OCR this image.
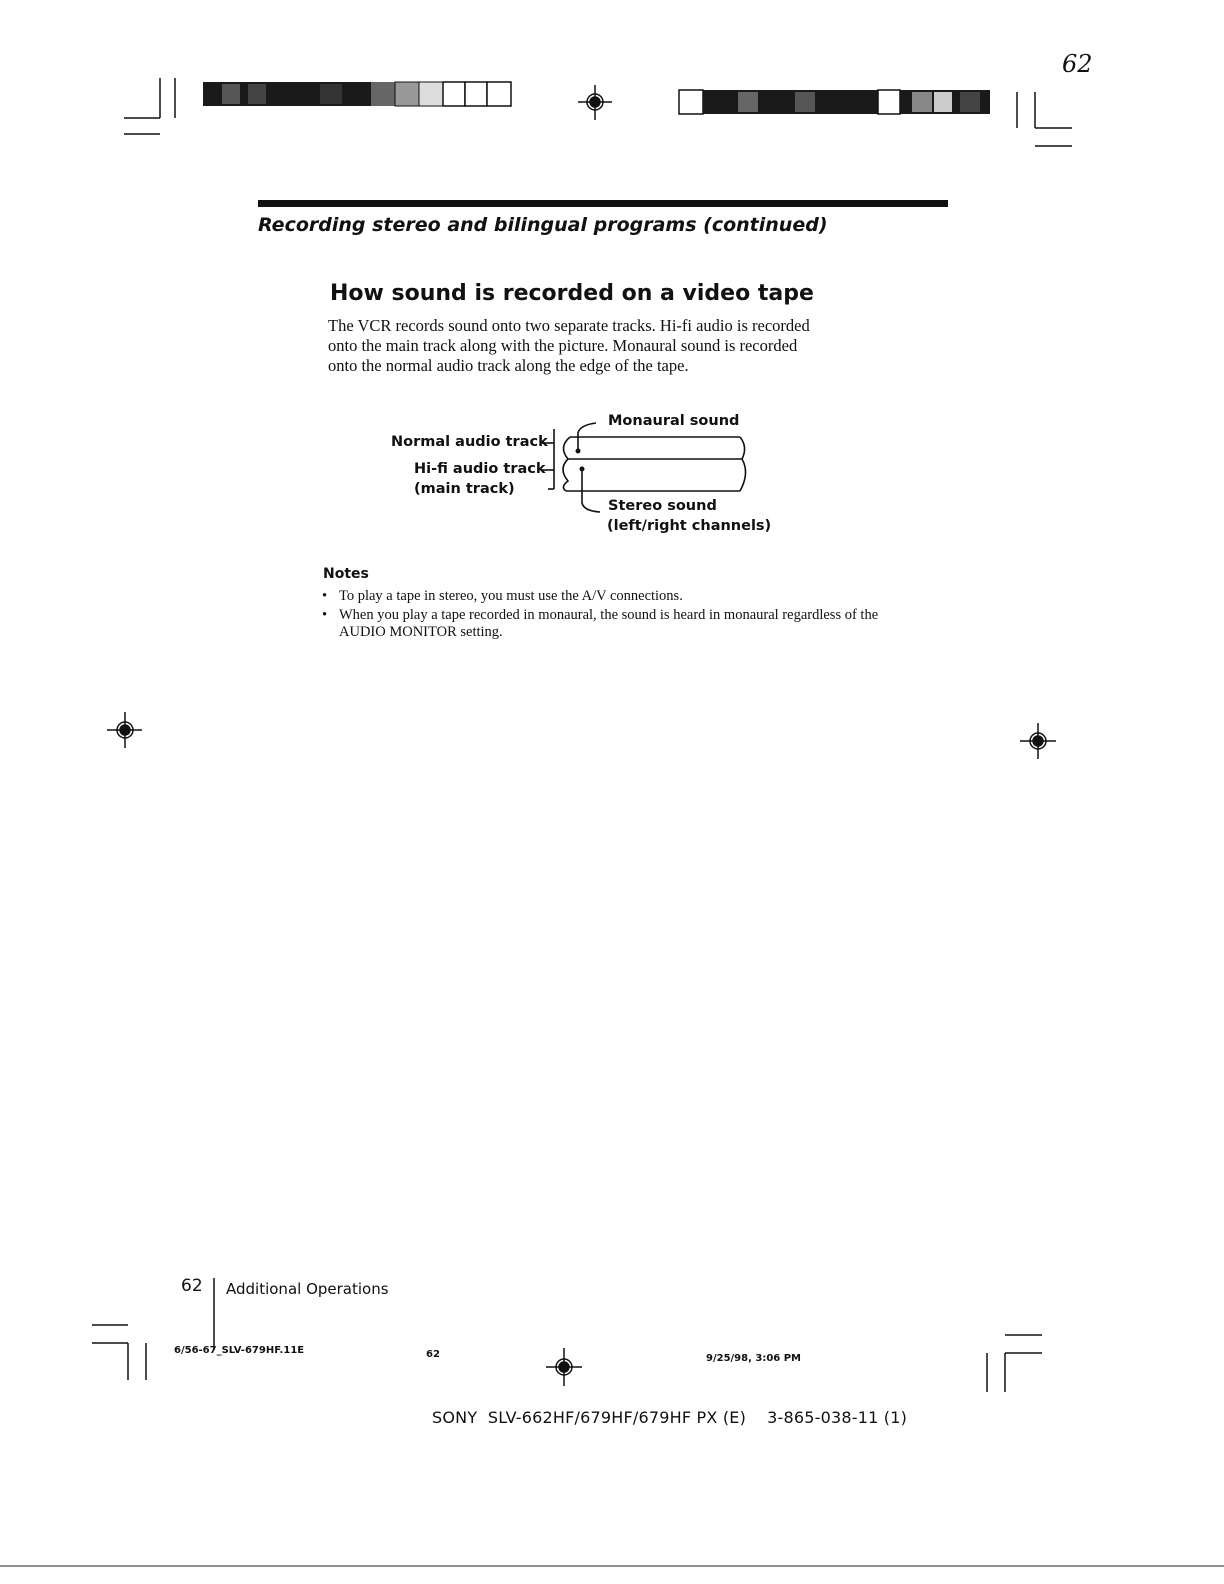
62
Recording stereo and bilingual programs (continued)
How sound is recorded on a video tape

The VCR records sound onto two separate tracks. Hi-fi audio is recorded

onto the main track along with the picture. Monaural sound is recorded

onto the normal audio track along the edge of the tape.

Monaural sound
Normal audio track
Hi-fi audio track
(main track)
Stereo sound
(left/right channels)
Notes
• To play a tape in stereo, you must use the A/V connections.
• When you play a tape recorded in monaural, the sound is heard in monaural regardless of the AUDIO MONITOR setting.
62 Additional Operations
6/56-67_SLV-679HF.11E	62	9/25/98, 3:06 PM
SONY  SLV-662HF/679HF/679HF PX (E)    3-865-038-11 (1)
